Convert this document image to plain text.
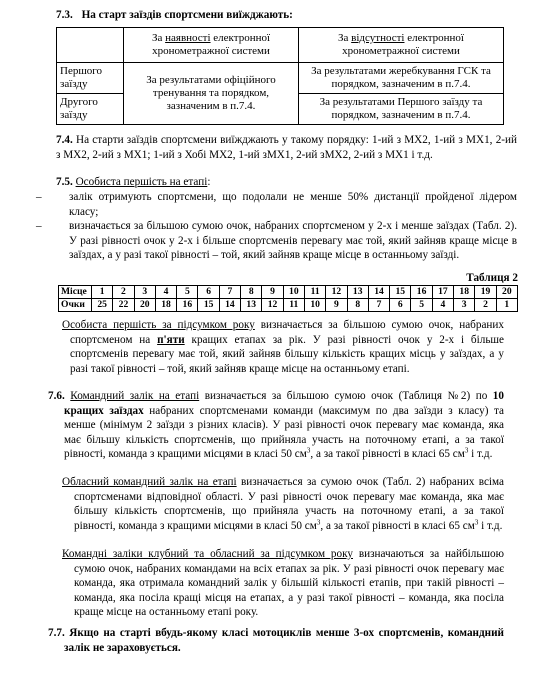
7.3. На старт заїздів спортсмени виїжджають:
	За наявності електронної хронометражної системи	За відсутності електронної хронометражної системи
Першого заїзду	За результатами офіційного тренування та порядком, зазначеним в п.7.4.	За результатами жеребкування ГСК та порядком, зазначеним в п.7.4.
Другого заїзду		За результатами Першого заїзду та порядком, зазначеним в п.7.4.
7.4. На старти заїздів спортсмени виїжджають у такому порядку: 1-ий з МХ2, 1-ий з МХ1, 2-ий з МХ2, 2-ий з МХ1; 1-ий з Хобі МХ2, 1-ий зМХ1, 2-ий зМХ2, 2-ий з МХ1 і т.д.
7.5. Особиста першість на етапі:
– залік отримують спортсмени, що подолали не менше 50% дистанції пройденої лідером класу;
– визначається за більшою сумою очок, набраних спортсменом у 2-х і менше заїздах (Табл. 2). У разі рівності очок у 2-х і більше спортсменів перевагу має той, який зайняв краще місце в заїздах, а у разі такої рівності – той, який зайняв краще місце в останньому заїзді.
Таблиця 2
Місце	1	2	3	4	5	6	7	8	9	10	11	12	13	14	15	16	17	18	19	20
Очки	25	22	20	18	16	15	14	13	12	11	10	9	8	7	6	5	4	3	2	1
Особиста першість за підсумком року визначається за більшою сумою очок, набраних спортсменом на п'яти кращих етапах за рік. У разі рівності очок у 2-х і більше спортсменів перевагу має той, який зайняв більшу кількість кращих місць у заїздах, а у разі такої рівності – той, який зайняв краще місце на останньому етапі.
7.6. Командний залік на етапі визначається за більшою сумою очок (Таблиця №2) по 10 кращих заїздах набраних спортсменами команди (максимум по два заїзди з класу) та менше (мінімум 2 заїзди з різних класів). У разі рівності очок перевагу має команда, яка має більшу кількість спортсменів, що прийняла участь на поточному етапі, а за такої рівності, команда з кращими місцями в класі 50 $см^3$, а за такої рівності в класі 65 $см^3$ і т.д.
Обласний командний залік на етапі визначається за сумою очок (Табл. 2) набраних всіма спортсменами відповідної області. У разі рівності очок перевагу має команда, яка має більшу кількість спортсменів, що прийняла участь на поточному етапі, а за такої рівності, команда з кращими місцями в класі 50 $см^3$, а за такої рівності в класі 65 $см^3$ і т.д.
Командні заліки клубний та обласний за підсумком року визначаються за найбільшою сумою очок, набраних командами на всіх етапах за рік. У разі рівності очок перевагу має команда, яка отримала командний залік у більшій кількості етапів, при такій рівності – команда, яка посіла кращі місця на етапах, а у разі такої рівності – команда, яка посіла краще місце на останньому етапі року.
7.7. Якщо на старті вбудь-якому класі мотоциклів менше 3-ох спортсменів, командний залік не зараховується.
